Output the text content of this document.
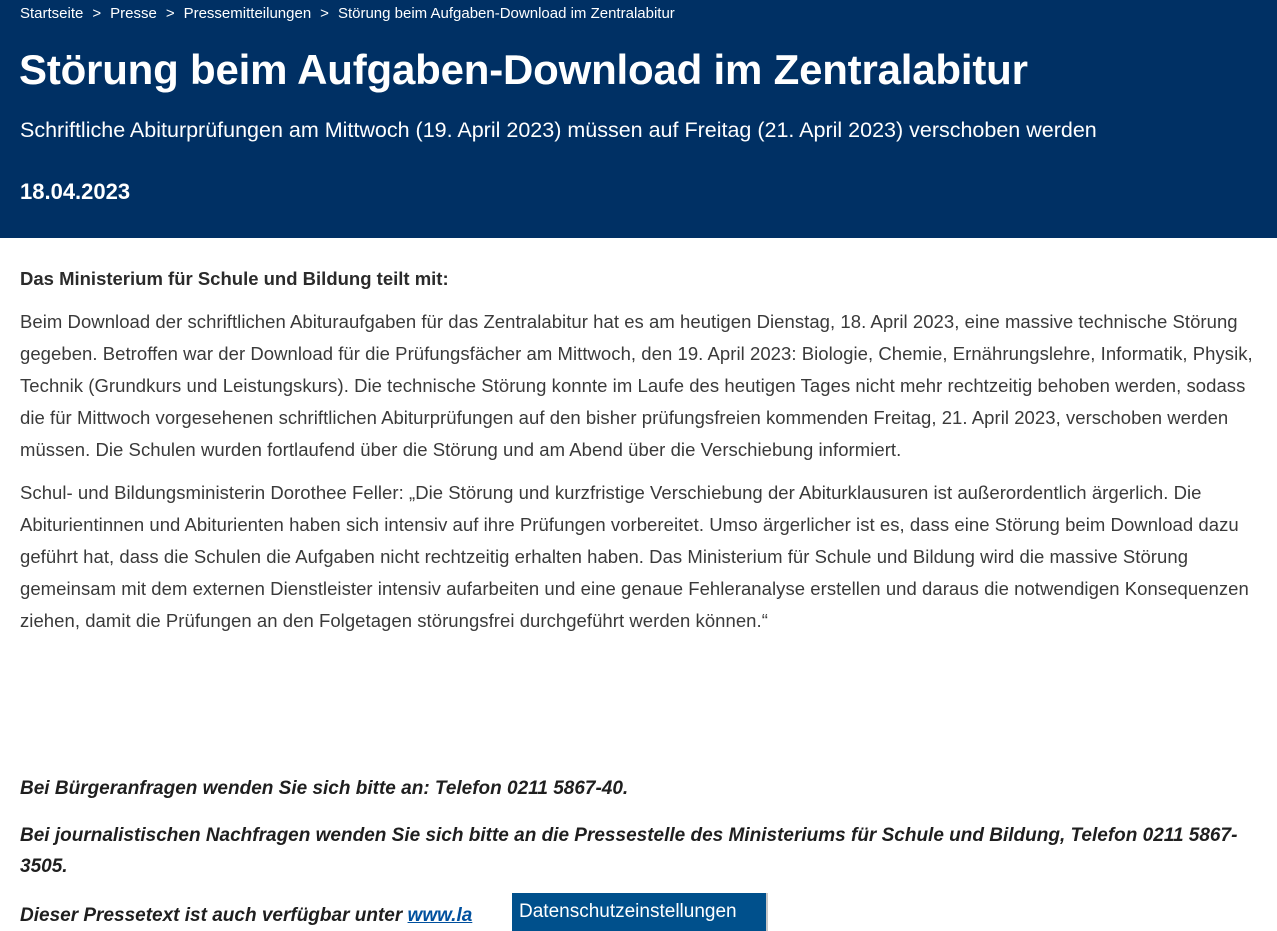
Startseite > Presse > Pressemitteilungen > Störung beim Aufgaben-Download im Zentralabitur
Störung beim Aufgaben-Download im Zentralabitur
Schriftliche Abiturprüfungen am Mittwoch (19. April 2023) müssen auf Freitag (21. April 2023) verschoben werden
18.04.2023

Das Ministerium für Schule und Bildung teilt mit:

Beim Download der schriftlichen Abituraufgaben für das Zentralabitur hat es am heutigen Dienstag, 18. April 2023, eine massive technische Störung gegeben. Betroffen war der Download für die Prüfungsfächer am Mittwoch, den 19. April 2023: Biologie, Chemie, Ernährungslehre, Informatik, Physik, Technik (Grundkurs und Leistungskurs). Die technische Störung konnte im Laufe des heutigen Tages nicht mehr rechtzeitig behoben werden, sodass die für Mittwoch vorgesehenen schriftlichen Abiturprüfungen auf den bisher prüfungsfreien kommenden Freitag, 21. April 2023, verschoben werden müssen. Die Schulen wurden fortlaufend über die Störung und am Abend über die Verschiebung informiert.

Schul- und Bildungsministerin Dorothee Feller: „Die Störung und kurzfristige Verschiebung der Abiturklausuren ist außerordentlich ärgerlich. Die Abiturientinnen und Abiturienten haben sich intensiv auf ihre Prüfungen vorbereitet. Umso ärgerlicher ist es, dass eine Störung beim Download dazu geführt hat, dass die Schulen die Aufgaben nicht rechtzeitig erhalten haben. Das Ministerium für Schule und Bildung wird die massive Störung gemeinsam mit dem externen Dienstleister intensiv aufarbeiten und eine genaue Fehleranalyse erstellen und daraus die notwendigen Konsequenzen ziehen, damit die Prüfungen an den Folgetagen störungsfrei durchgeführt werden können.“

Bei Bürgeranfragen wenden Sie sich bitte an: Telefon 0211 5867-40.

Bei journalistischen Nachfragen wenden Sie sich bitte an die Pressestelle des Ministeriums für Schule und Bildung, Telefon 0211 5867-3505.

Dieser Pressetext ist auch verfügbar unter www.la	Datenschutzeinstellungen
